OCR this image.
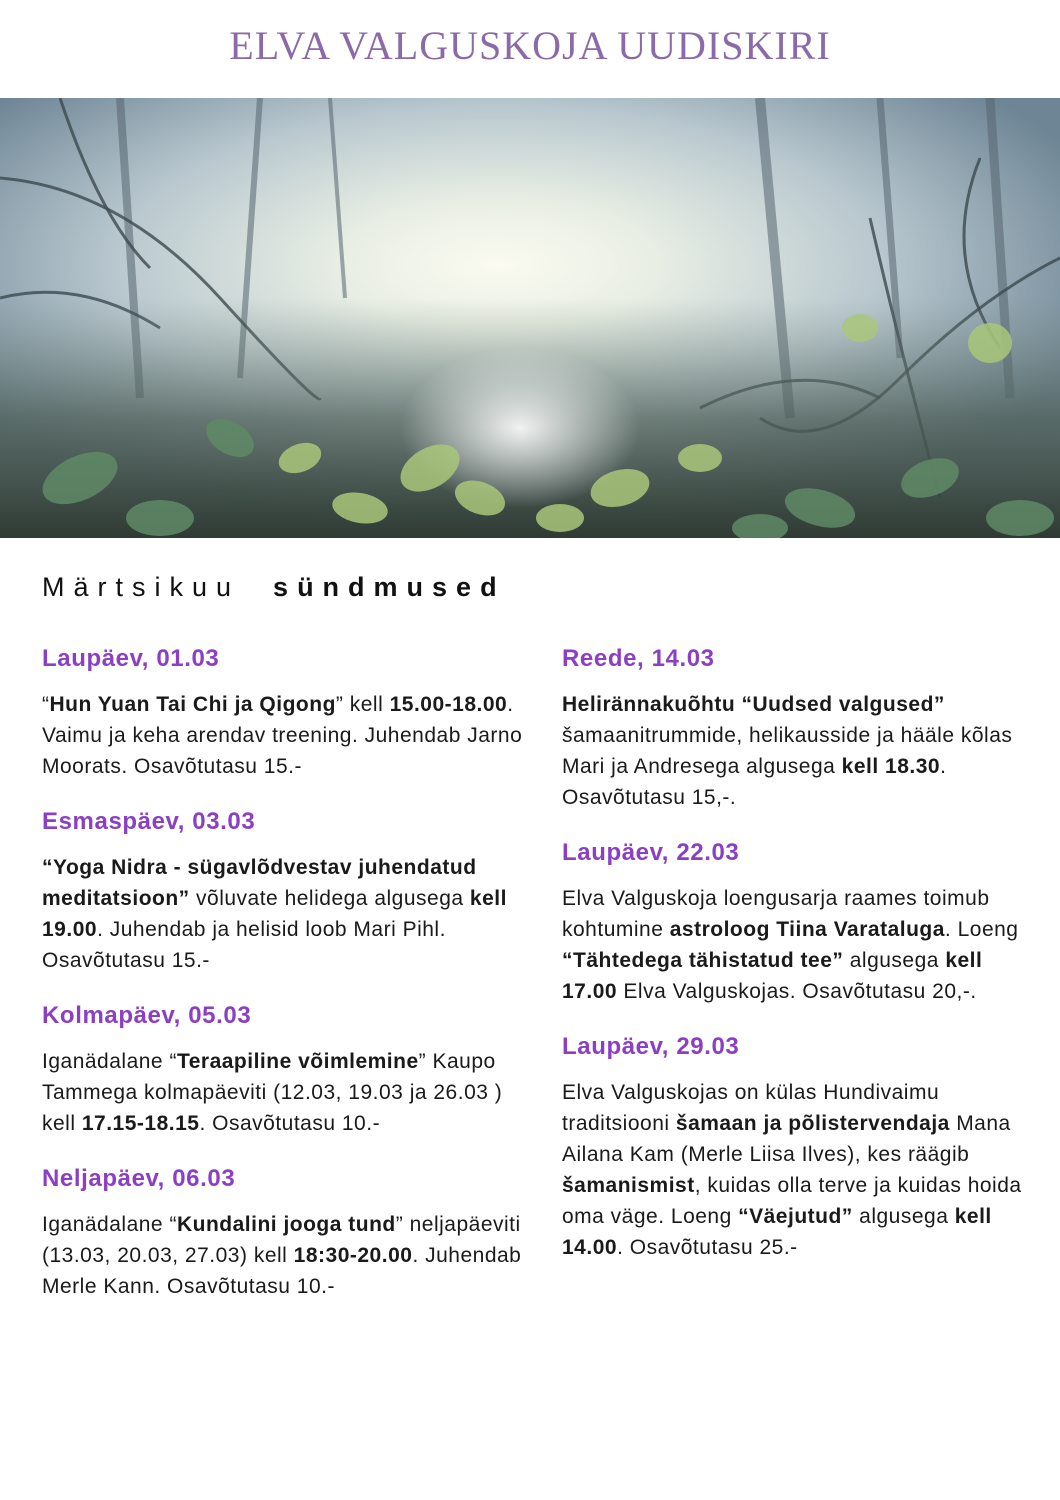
ELVA VALGUSKOJA UUDISKIRI
Märtsikuu sündmused
Laupäev, 01.03

“Hun Yuan Tai Chi ja Qigong” kell 15.00-18.00. Vaimu ja keha arendav treening. Juhendab Jarno Moorats. Osavõtutasu 15.-

Esmaspäev, 03.03

“Yoga Nidra - sügavlõdvestav juhendatud meditatsioon” võluvate helidega algusega kell 19.00. Juhendab ja helisid loob Mari Pihl. Osavõtutasu 15.-

Kolmapäev, 05.03

Iganädalane “Teraapiline võimlemine” Kaupo Tammega kolmapäeviti (12.03, 19.03 ja 26.03 ) kell 17.15-18.15. Osavõtutasu 10.-

Neljapäev, 06.03

Iganädalane “Kundalini jooga tund” neljapäeviti (13.03, 20.03, 27.03) kell 18:30-20.00. Juhendab Merle Kann. Osavõtutasu 10.-

Reede, 14.03

Helirännakuõhtu “Uudsed valgused” šamaanitrummide, helikausside ja hääle kõlas Mari ja Andresega algusega kell 18.30. Osavõtutasu 15,-.

Laupäev, 22.03

Elva Valguskoja loengusarja raames toimub kohtumine astroloog Tiina Varataluga. Loeng “Tähtedega tähistatud tee” algusega kell 17.00 Elva Valguskojas. Osavõtutasu 20,-.

Laupäev, 29.03

Elva Valguskojas on külas Hundivaimu traditsiooni šamaan ja põlistervendaja Mana Ailana Kam (Merle Liisa Ilves), kes räägib šamanismist, kuidas olla terve ja kuidas hoida oma väge. Loeng “Väejutud” algusega kell 14.00. Osavõtutasu 25.-
